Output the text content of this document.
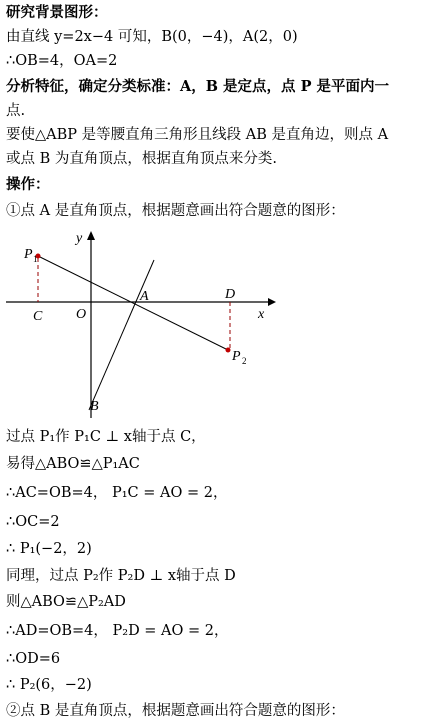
研究背景图形：
由直线 y=2x−4 可知，B(0，−4)，A(2，0)
∴OB=4，OA=2
分析特征，确定分类标准：A，B 是定点，点 P 是平面内一
点.
要使△ABP 是等腰直角三角形且线段 AB 是直角边，则点 A
或点 B 为直角顶点，根据直角顶点来分类.
操作：
①点 A 是直角顶点，根据题意画出符合题意的图形：
y
x
O
A
B
C
D
P 1
P 2
过点 P₁作 P₁C ⊥ x轴于点 C，
易得△ABO≌△P₁AC
∴AC=OB=4， P₁C = AO = 2，
∴OC=2
∴ P₁(−2，2)
同理，过点 P₂作 P₂D ⊥ x轴于点 D
则△ABO≌△P₂AD
∴AD=OB=4， P₂D = AO = 2，
∴OD=6
∴ P₂(6，−2)
②点 B 是直角顶点，根据题意画出符合题意的图形：
